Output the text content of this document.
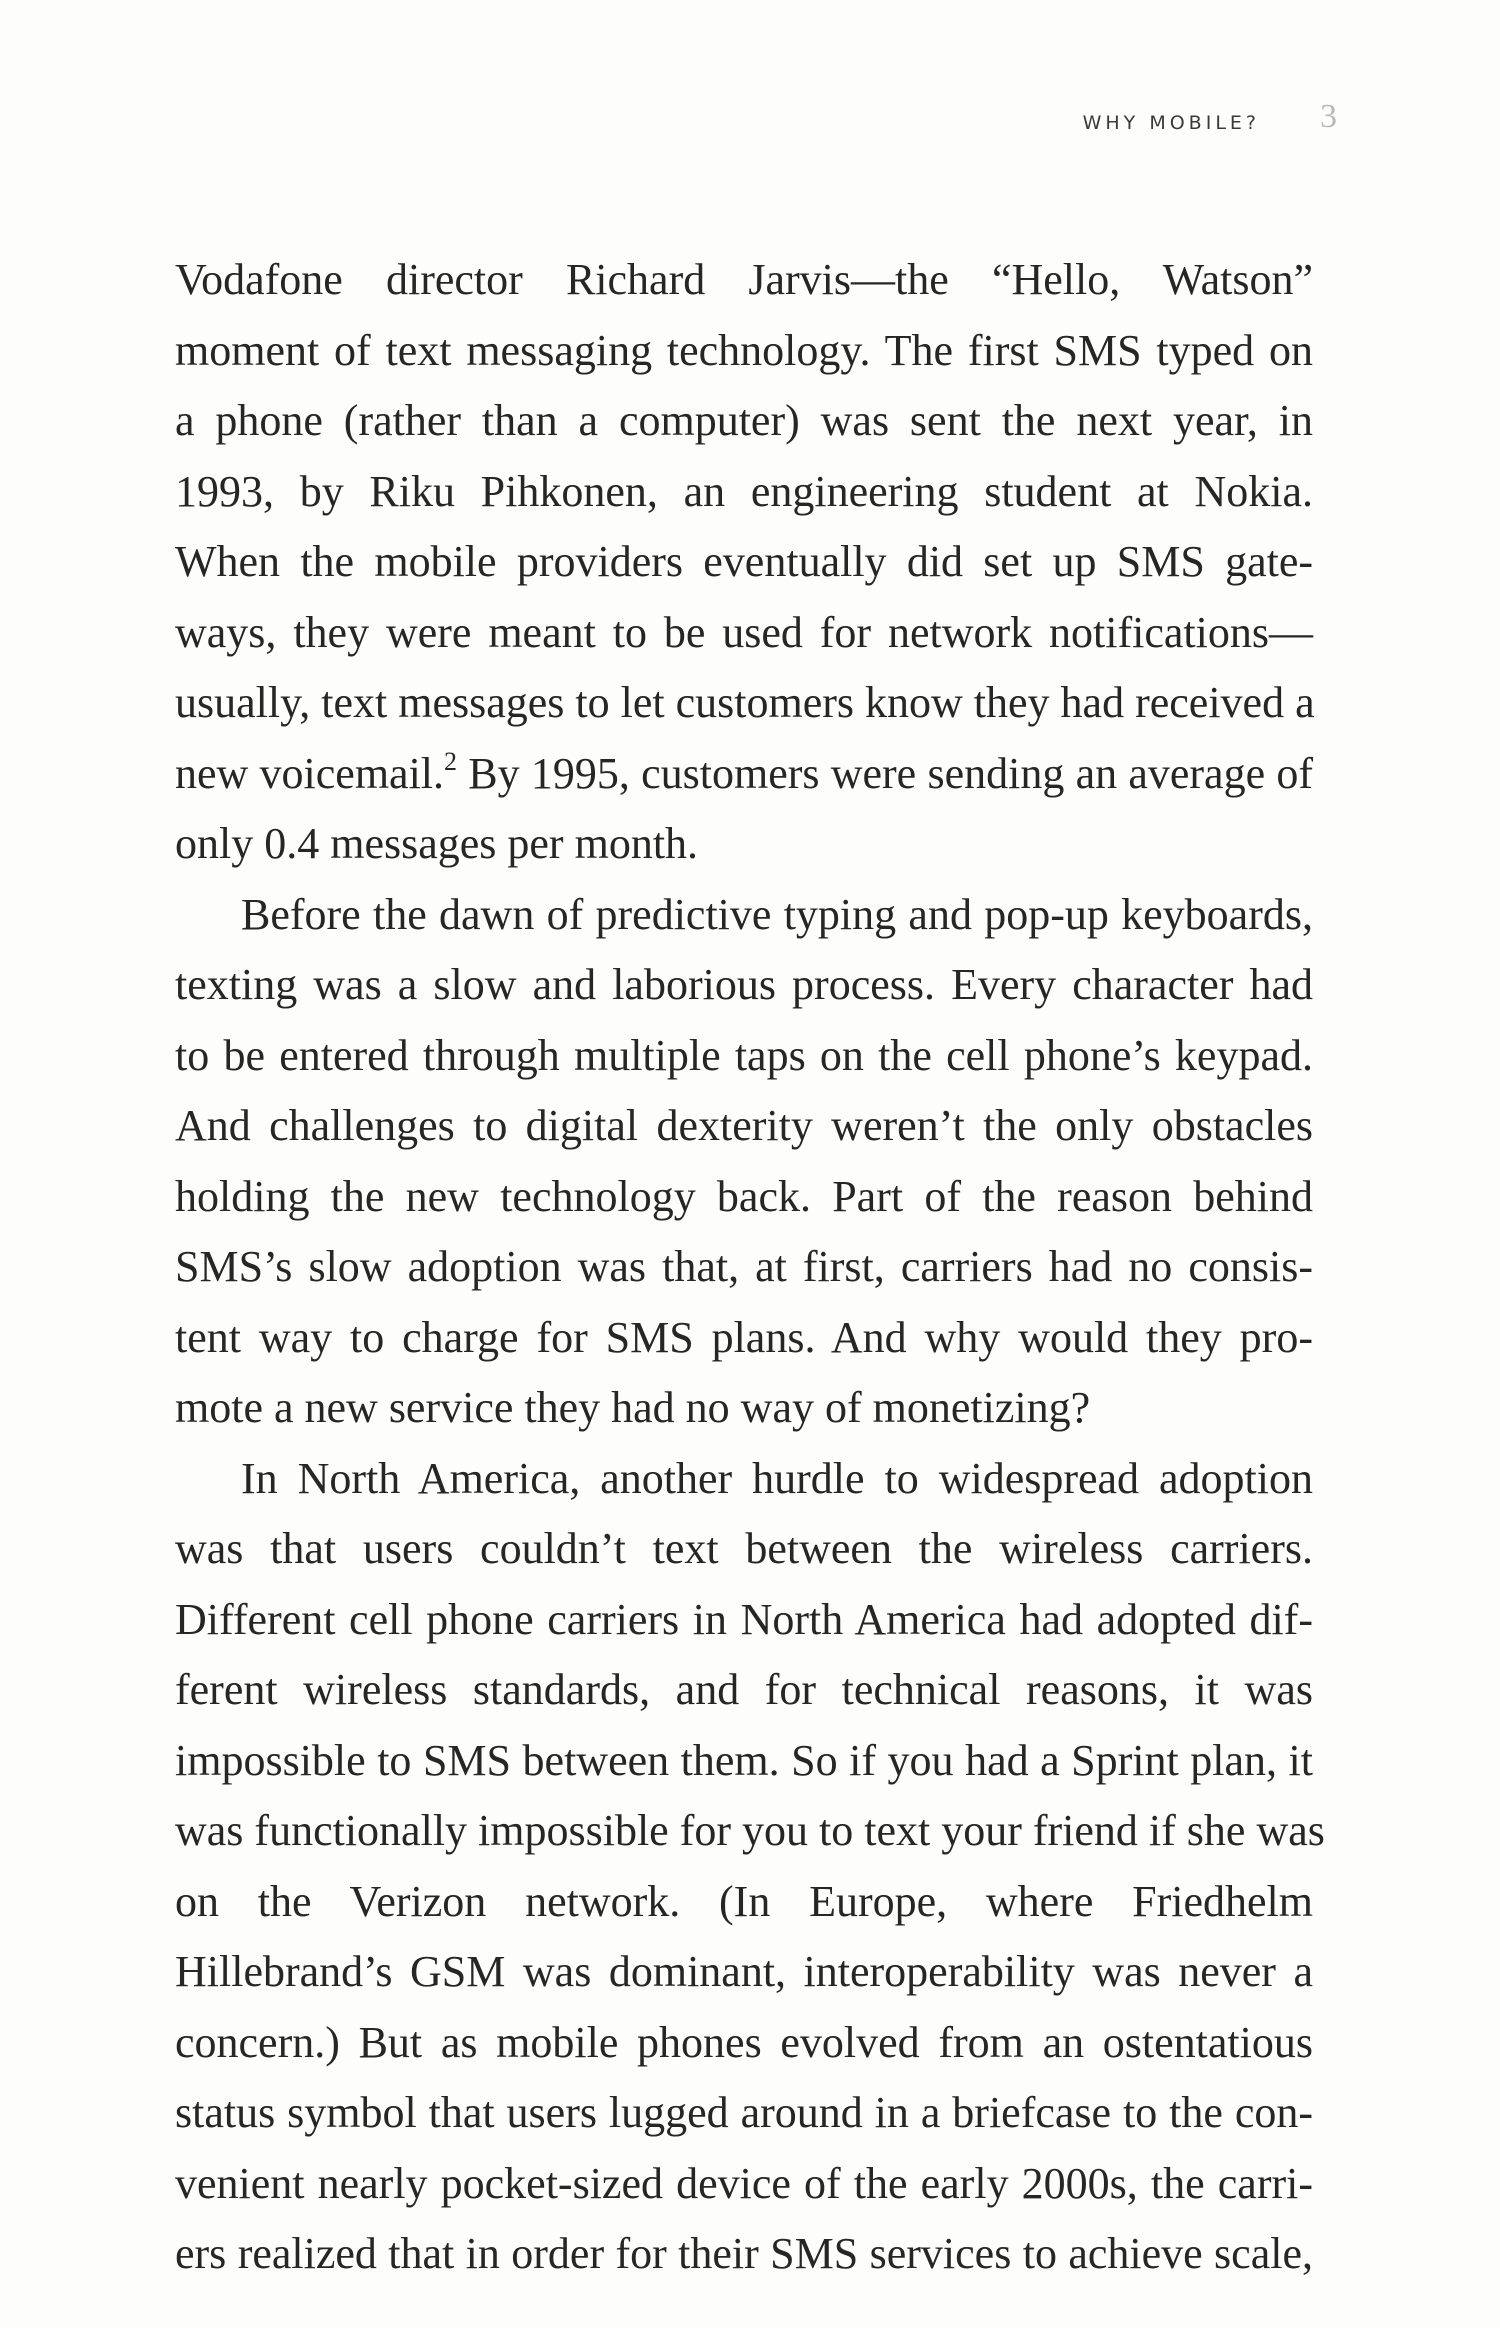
WHY MOBILE? 3
Vodafone director Richard Jarvis—the “Hello, Watson”
moment of text messaging technology. The first SMS typed on
a phone (rather than a computer) was sent the next year, in
1993, by Riku Pihkonen, an engineering student at Nokia.
When the mobile providers eventually did set up SMS gate-
ways, they were meant to be used for network notifications—
usually, text messages to let customers know they had received a
new voicemail.$^2$ By 1995, customers were sending an average of
only 0.4 messages per month.
Before the dawn of predictive typing and pop-up keyboards,
texting was a slow and laborious process. Every character had
to be entered through multiple taps on the cell phone’s keypad.
And challenges to digital dexterity weren’t the only obstacles
holding the new technology back. Part of the reason behind
SMS’s slow adoption was that, at first, carriers had no consis-
tent way to charge for SMS plans. And why would they pro-
mote a new service they had no way of monetizing?
In North America, another hurdle to widespread adoption
was that users couldn’t text between the wireless carriers.
Different cell phone carriers in North America had adopted dif-
ferent wireless standards, and for technical reasons, it was
impossible to SMS between them. So if you had a Sprint plan, it
was functionally impossible for you to text your friend if she was
on the Verizon network. (In Europe, where Friedhelm
Hillebrand’s GSM was dominant, interoperability was never a
concern.) But as mobile phones evolved from an ostentatious
status symbol that users lugged around in a briefcase to the con-
venient nearly pocket-sized device of the early 2000s, the carri-
ers realized that in order for their SMS services to achieve scale,
